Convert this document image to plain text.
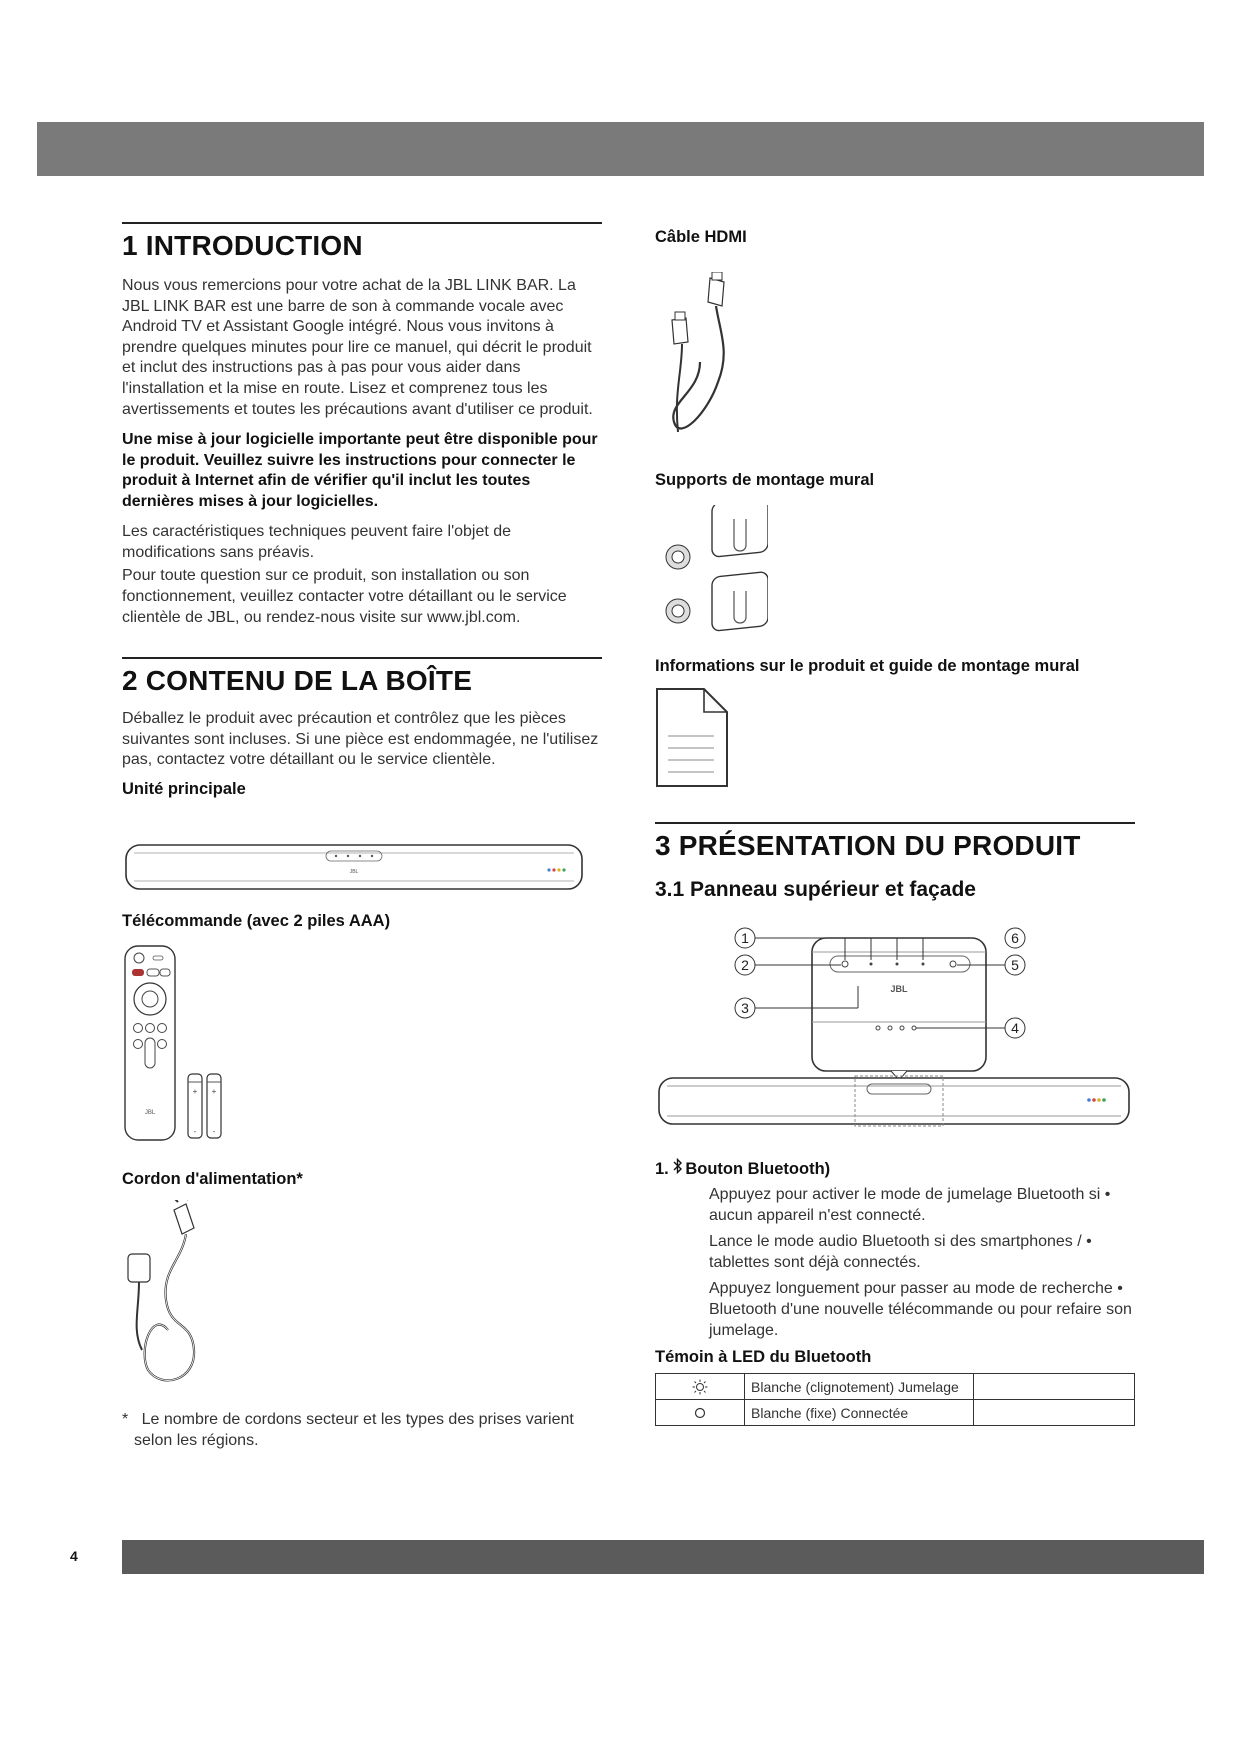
1 INTRODUCTION

Nous vous remercions pour votre achat de la JBL LINK BAR. La JBL LINK BAR est une barre de son à commande vocale avec Android TV et Assistant Google intégré. Nous vous invitons à prendre quelques minutes pour lire ce manuel, qui décrit le produit et inclut des instructions pas à pas pour vous aider dans l'installation et la mise en route. Lisez et comprenez tous les avertissements et toutes les précautions avant d'utiliser ce produit.

Une mise à jour logicielle importante peut être disponible pour le produit. Veuillez suivre les instructions pour connecter le produit à Internet afin de vérifier qu'il inclut les toutes dernières mises à jour logicielles.

Les caractéristiques techniques peuvent faire l'objet de modifications sans préavis.

Pour toute question sur ce produit, son installation ou son fonctionnement, veuillez contacter votre détaillant ou le service clientèle de JBL, ou rendez-nous visite sur www.jbl.com.

2 CONTENU DE LA BOÎTE

Déballez le produit avec précaution et contrôlez que les pièces suivantes sont incluses. Si une pièce est endommagée, ne l'utilisez pas, contactez votre détaillant ou le service clientèle.

Unité principale
JBL
Télécommande (avec 2 piles AAA)
JBL
+ +
- -
Cordon d'alimentation*

* Le nombre de cordons secteur et les types des prises varient selon les régions.

Câble HDMI
Supports de montage mural
Informations sur le produit et guide de montage mural
3 PRÉSENTATION DU PRODUIT
3.1 Panneau supérieur et façade
JBL
1
2
3
4
5
6
1. Bouton Bluetooth)

Appuyez pour activer le mode de jumelage Bluetooth si • aucun appareil n'est connecté.

Lance le mode audio Bluetooth si des smartphones / • tablettes sont déjà connectés.

Appuyez longuement pour passer au mode de recherche • Bluetooth d'une nouvelle télécommande ou pour refaire son jumelage.

Témoin à LED du Bluetooth
	Blanche (clignotement) Jumelage	

	Blanche (fixe) Connectée	
4
